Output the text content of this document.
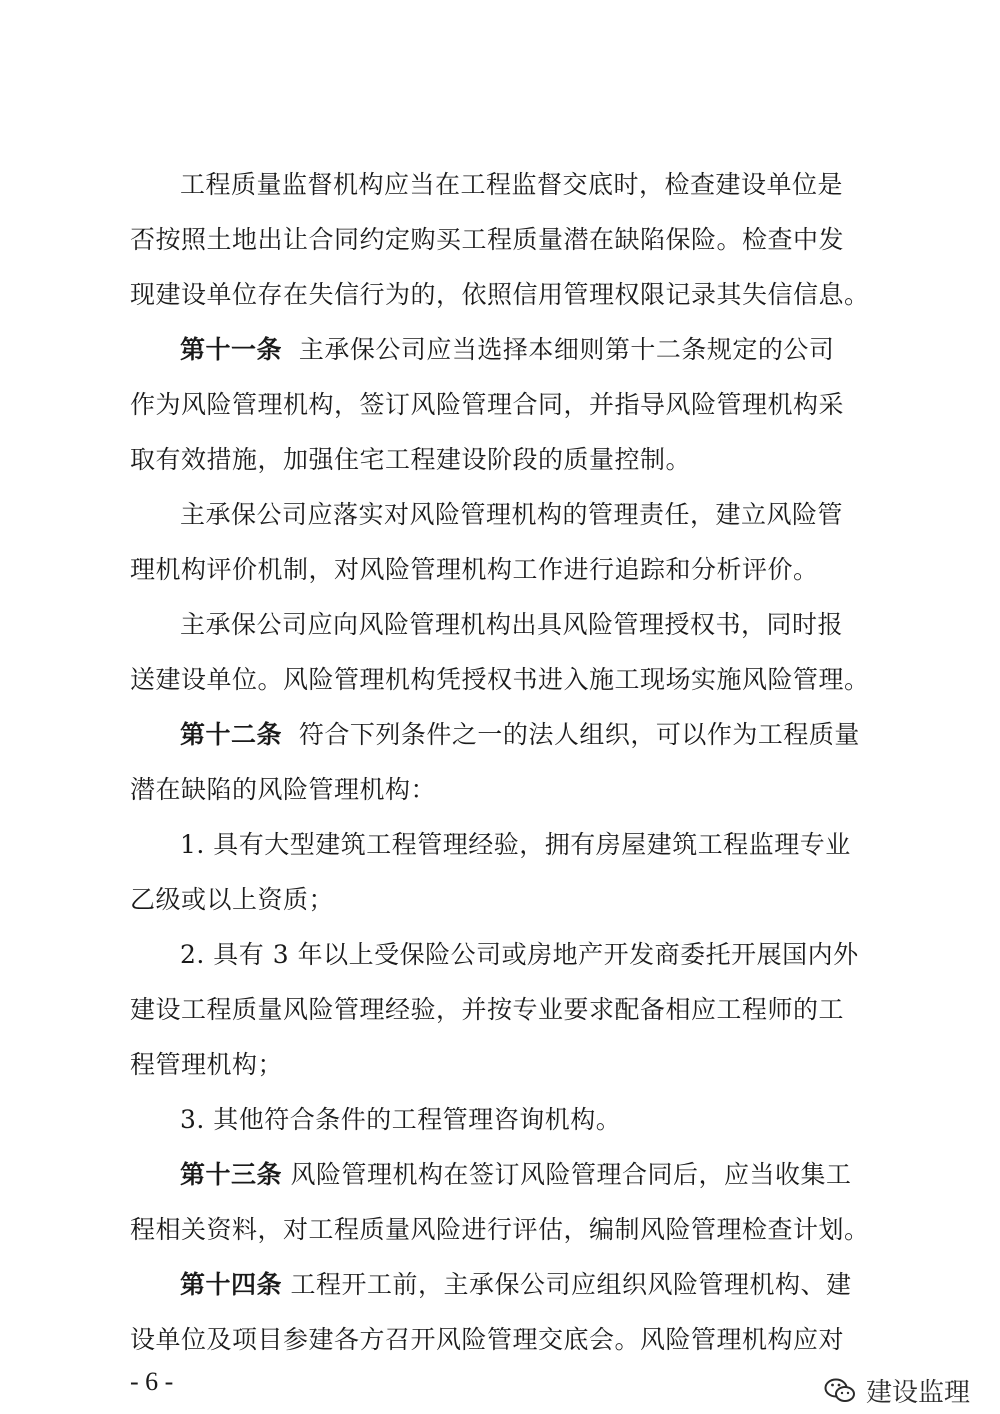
工程质量监督机构应当在工程监督交底时，检查建设单位是
否按照土地出让合同约定购买工程质量潜在缺陷保险。检查中发
现建设单位存在失信行为的，依照信用管理权限记录其失信信息。
第十一条 主承保公司应当选择本细则第十二条规定的公司
作为风险管理机构，签订风险管理合同，并指导风险管理机构采
取有效措施，加强住宅工程建设阶段的质量控制。
主承保公司应落实对风险管理机构的管理责任，建立风险管
理机构评价机制，对风险管理机构工作进行追踪和分析评价。
主承保公司应向风险管理机构出具风险管理授权书，同时报
送建设单位。风险管理机构凭授权书进入施工现场实施风险管理。
第十二条 符合下列条件之一的法人组织，可以作为工程质量
潜在缺陷的风险管理机构：
1. 具有大型建筑工程管理经验，拥有房屋建筑工程监理专业
乙级或以上资质；
2. 具有 3 年以上受保险公司或房地产开发商委托开展国内外
建设工程质量风险管理经验，并按专业要求配备相应工程师的工
程管理机构；
3. 其他符合条件的工程管理咨询机构。
第十三条 风险管理机构在签订风险管理合同后，应当收集工
程相关资料，对工程质量风险进行评估，编制风险管理检查计划。
第十四条 工程开工前，主承保公司应组织风险管理机构、建
设单位及项目参建各方召开风险管理交底会。风险管理机构应对
- 6 -	建设监理
